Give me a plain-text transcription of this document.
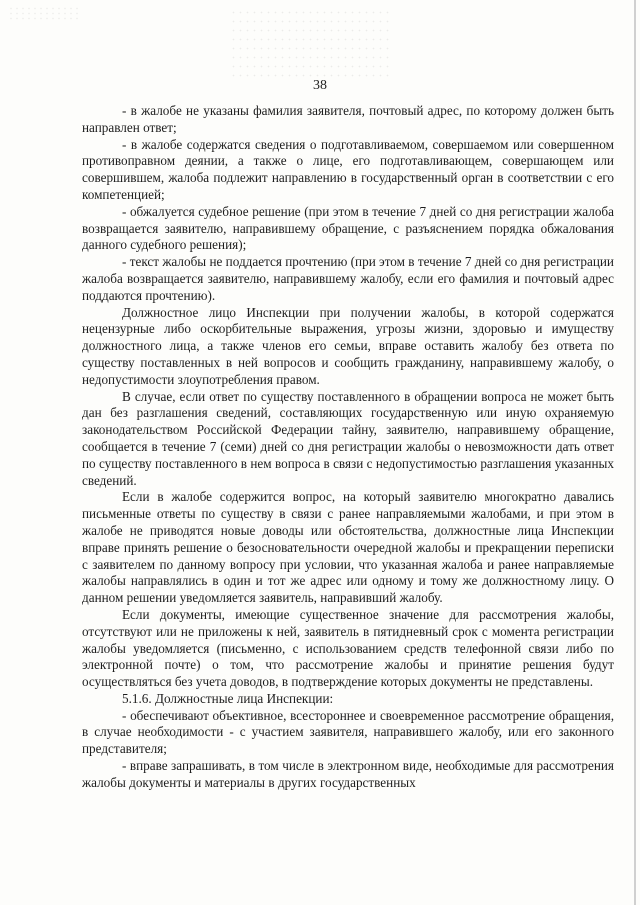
38

- в жалобе не указаны фамилия заявителя, почтовый адрес, по которому должен быть направлен ответ;

- в жалобе содержатся сведения о подготавливаемом, совершаемом или совершенном противоправном деянии, а также о лице, его подготавливающем, совершающем или совершившем, жалоба подлежит направлению в государственный орган в соответствии с его компетенцией;

- обжалуется судебное решение (при этом в течение 7 дней со дня регистрации жалоба возвращается заявителю, направившему обращение, с разъяснением порядка обжалования данного судебного решения);

- текст жалобы не поддается прочтению (при этом в течение 7 дней со дня регистрации жалоба возвращается заявителю, направившему жалобу, если его фамилия и почтовый адрес поддаются прочтению).

Должностное лицо Инспекции при получении жалобы, в которой содержатся нецензурные либо оскорбительные выражения, угрозы жизни, здоровью и имуществу должностного лица, а также членов его семьи, вправе оставить жалобу без ответа по существу поставленных в ней вопросов и сообщить гражданину, направившему жалобу, о недопустимости злоупотребления правом.

В случае, если ответ по существу поставленного в обращении вопроса не может быть дан без разглашения сведений, составляющих государственную или иную охраняемую законодательством Российской Федерации тайну, заявителю, направившему обращение, сообщается в течение 7 (семи) дней со дня регистрации жалобы о невозможности дать ответ по существу поставленного в нем вопроса в связи с недопустимостью разглашения указанных сведений.

Если в жалобе содержится вопрос, на который заявителю многократно давались письменные ответы по существу в связи с ранее направляемыми жалобами, и при этом в жалобе не приводятся новые доводы или обстоятельства, должностные лица Инспекции вправе принять решение о безосновательности очередной жалобы и прекращении переписки с заявителем по данному вопросу при условии, что указанная жалоба и ранее направляемые жалобы направлялись в один и тот же адрес или одному и тому же должностному лицу. О данном решении уведомляется заявитель, направивший жалобу.

Если документы, имеющие существенное значение для рассмотрения жалобы, отсутствуют или не приложены к ней, заявитель в пятидневный срок с момента регистрации жалобы уведомляется (письменно, с использованием средств телефонной связи либо по электронной почте) о том, что рассмотрение жалобы и принятие решения будут осуществляться без учета доводов, в подтверждение которых документы не представлены.

5.1.6. Должностные лица Инспекции:

- обеспечивают объективное, всестороннее и своевременное рассмотрение обращения, в случае необходимости - с участием заявителя, направившего жалобу, или его законного представителя;

- вправе запрашивать, в том числе в электронном виде, необходимые для рассмотрения жалобы документы и материалы в других государственных
